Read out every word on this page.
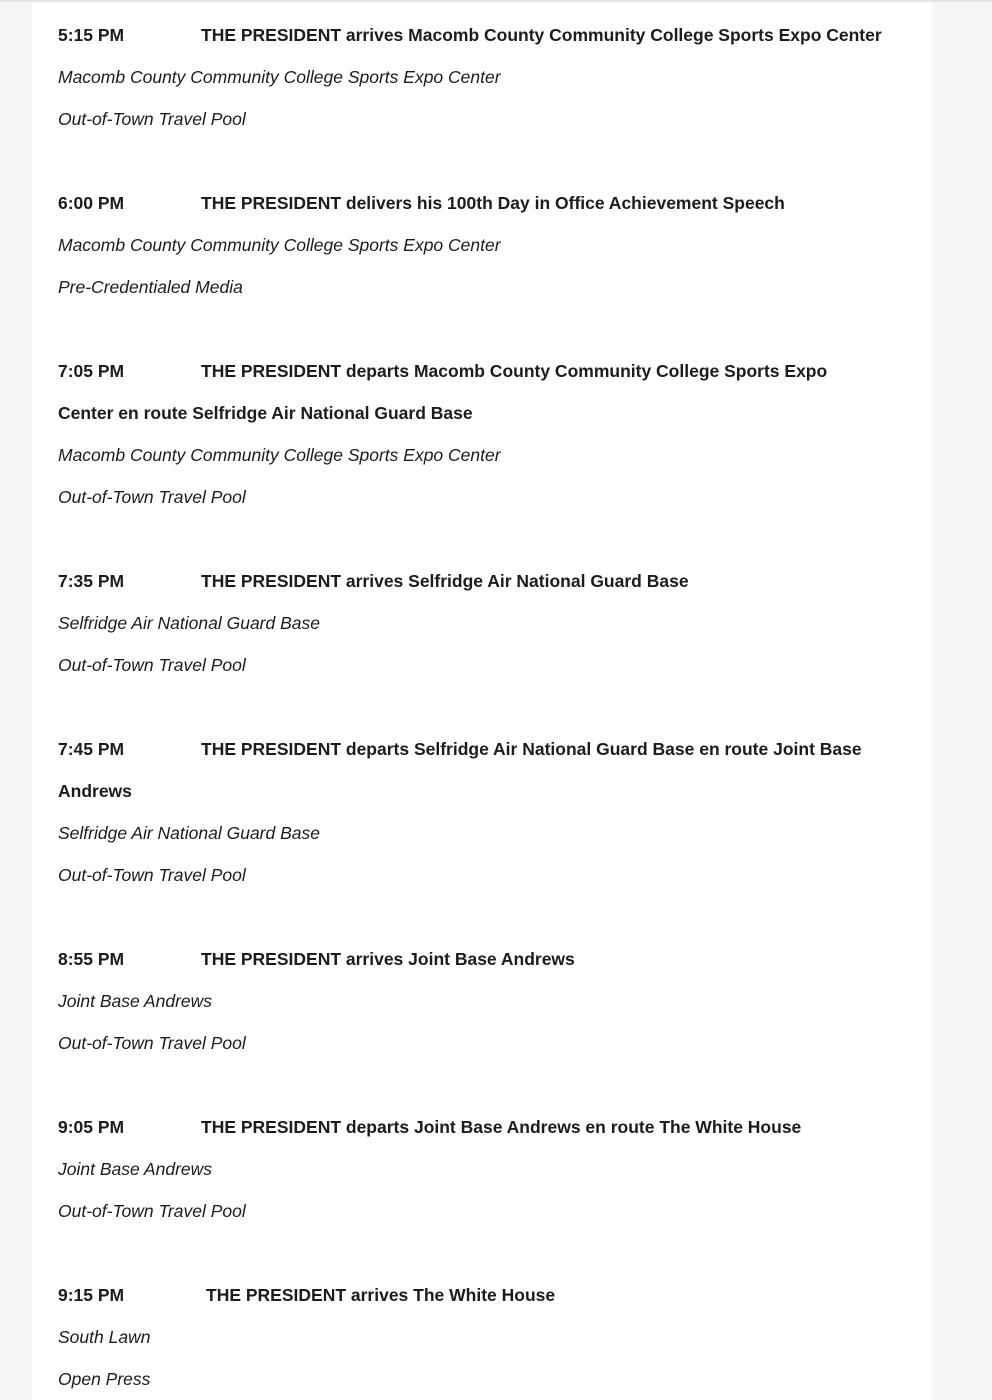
5:15 PM	THE PRESIDENT arrives Macomb County Community College Sports Expo Center
Macomb County Community College Sports Expo Center
Out-of-Town Travel Pool
6:00 PM	THE PRESIDENT delivers his 100th Day in Office Achievement Speech
Macomb County Community College Sports Expo Center
Pre-Credentialed Media
7:05 PM	THE PRESIDENT departs Macomb County Community College Sports Expo
Center en route Selfridge Air National Guard Base
Macomb County Community College Sports Expo Center
Out-of-Town Travel Pool
7:35 PM	THE PRESIDENT arrives Selfridge Air National Guard Base
Selfridge Air National Guard Base
Out-of-Town Travel Pool
7:45 PM	THE PRESIDENT departs Selfridge Air National Guard Base en route Joint Base
Andrews
Selfridge Air National Guard Base
Out-of-Town Travel Pool
8:55 PM	THE PRESIDENT arrives Joint Base Andrews
Joint Base Andrews
Out-of-Town Travel Pool
9:05 PM	THE PRESIDENT departs Joint Base Andrews en route The White House
Joint Base Andrews
Out-of-Town Travel Pool
9:15 PM	THE PRESIDENT arrives The White House
South Lawn
Open Press
